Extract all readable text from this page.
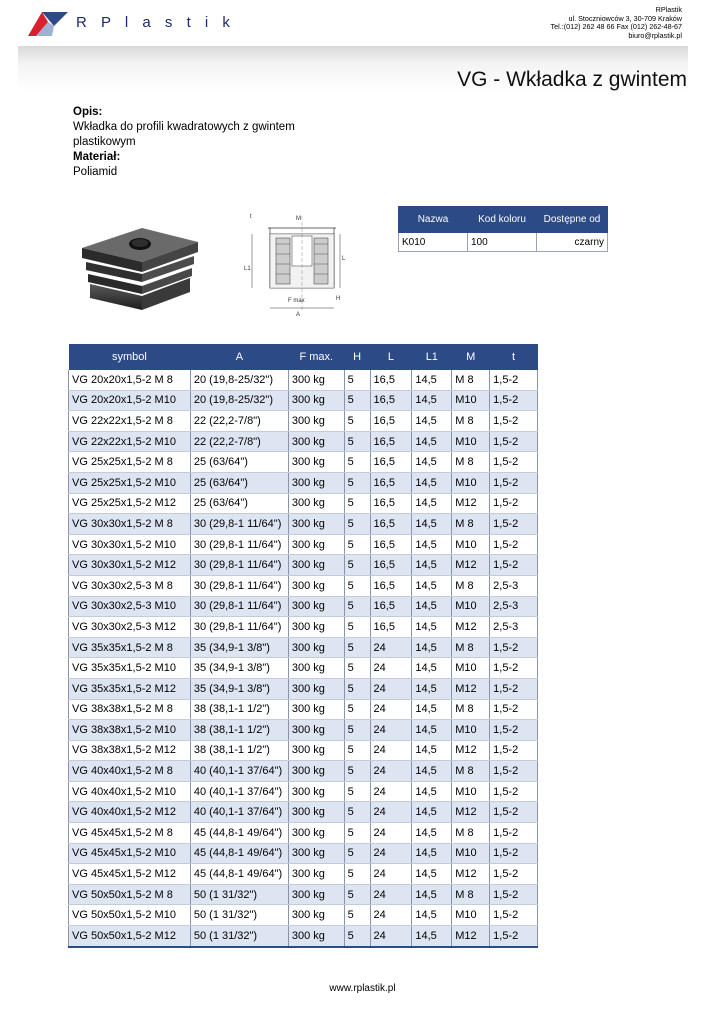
R P l a s t i k
RPlastik
ul. Stoczniowców 3, 30-709 Kraków
Tel.:(012) 262 48 66 Fax (012) 262-48-67
biuro@rplastik.pl
VG - Wkładka z gwintem
Opis:
Wkładka do profili kwadratowych z gwintem plastikowym
Materiał:
Poliamid
t	M
L1
L
H
F max
A
Nazwa	Kod koloru	Dostępne od
K010	100	czarny
symbol	A	F max.	H	L	L1	M	t
VG 20x20x1,5-2 M 8	20 (19,8-25/32")	300 kg	5	16,5	14,5	M 8	1,5-2
VG 20x20x1,5-2 M10	20 (19,8-25/32")	300 kg	5	16,5	14,5	M10	1,5-2
VG 22x22x1,5-2 M 8	22 (22,2-7/8")	300 kg	5	16,5	14,5	M 8	1,5-2
VG 22x22x1,5-2 M10	22 (22,2-7/8")	300 kg	5	16,5	14,5	M10	1,5-2
VG 25x25x1,5-2 M 8	25 (63/64")	300 kg	5	16,5	14,5	M 8	1,5-2
VG 25x25x1,5-2 M10	25 (63/64")	300 kg	5	16,5	14,5	M10	1,5-2
VG 25x25x1,5-2 M12	25 (63/64")	300 kg	5	16,5	14,5	M12	1,5-2
VG 30x30x1,5-2 M 8	30 (29,8-1 11/64")	300 kg	5	16,5	14,5	M 8	1,5-2
VG 30x30x1,5-2 M10	30 (29,8-1 11/64")	300 kg	5	16,5	14,5	M10	1,5-2
VG 30x30x1,5-2 M12	30 (29,8-1 11/64")	300 kg	5	16,5	14,5	M12	1,5-2
VG 30x30x2,5-3 M 8	30 (29,8-1 11/64")	300 kg	5	16,5	14,5	M 8	2,5-3
VG 30x30x2,5-3 M10	30 (29,8-1 11/64")	300 kg	5	16,5	14,5	M10	2,5-3
VG 30x30x2,5-3 M12	30 (29,8-1 11/64")	300 kg	5	16,5	14,5	M12	2,5-3
VG 35x35x1,5-2 M 8	35 (34,9-1 3/8")	300 kg	5	24	14,5	M 8	1,5-2
VG 35x35x1,5-2 M10	35 (34,9-1 3/8")	300 kg	5	24	14,5	M10	1,5-2
VG 35x35x1,5-2 M12	35 (34,9-1 3/8")	300 kg	5	24	14,5	M12	1,5-2
VG 38x38x1,5-2 M 8	38 (38,1-1 1/2")	300 kg	5	24	14,5	M 8	1,5-2
VG 38x38x1,5-2 M10	38 (38,1-1 1/2")	300 kg	5	24	14,5	M10	1,5-2
VG 38x38x1,5-2 M12	38 (38,1-1 1/2")	300 kg	5	24	14,5	M12	1,5-2
VG 40x40x1,5-2 M 8	40 (40,1-1 37/64")	300 kg	5	24	14,5	M 8	1,5-2
VG 40x40x1,5-2 M10	40 (40,1-1 37/64")	300 kg	5	24	14,5	M10	1,5-2
VG 40x40x1,5-2 M12	40 (40,1-1 37/64")	300 kg	5	24	14,5	M12	1,5-2
VG 45x45x1,5-2 M 8	45 (44,8-1 49/64")	300 kg	5	24	14,5	M 8	1,5-2
VG 45x45x1,5-2 M10	45 (44,8-1 49/64")	300 kg	5	24	14,5	M10	1,5-2
VG 45x45x1,5-2 M12	45 (44,8-1 49/64")	300 kg	5	24	14,5	M12	1,5-2
VG 50x50x1,5-2 M 8	50 (1 31/32")	300 kg	5	24	14,5	M 8	1,5-2
VG 50x50x1,5-2 M10	50 (1 31/32")	300 kg	5	24	14,5	M10	1,5-2
VG 50x50x1,5-2 M12	50 (1 31/32")	300 kg	5	24	14,5	M12	1,5-2
www.rplastik.pl
